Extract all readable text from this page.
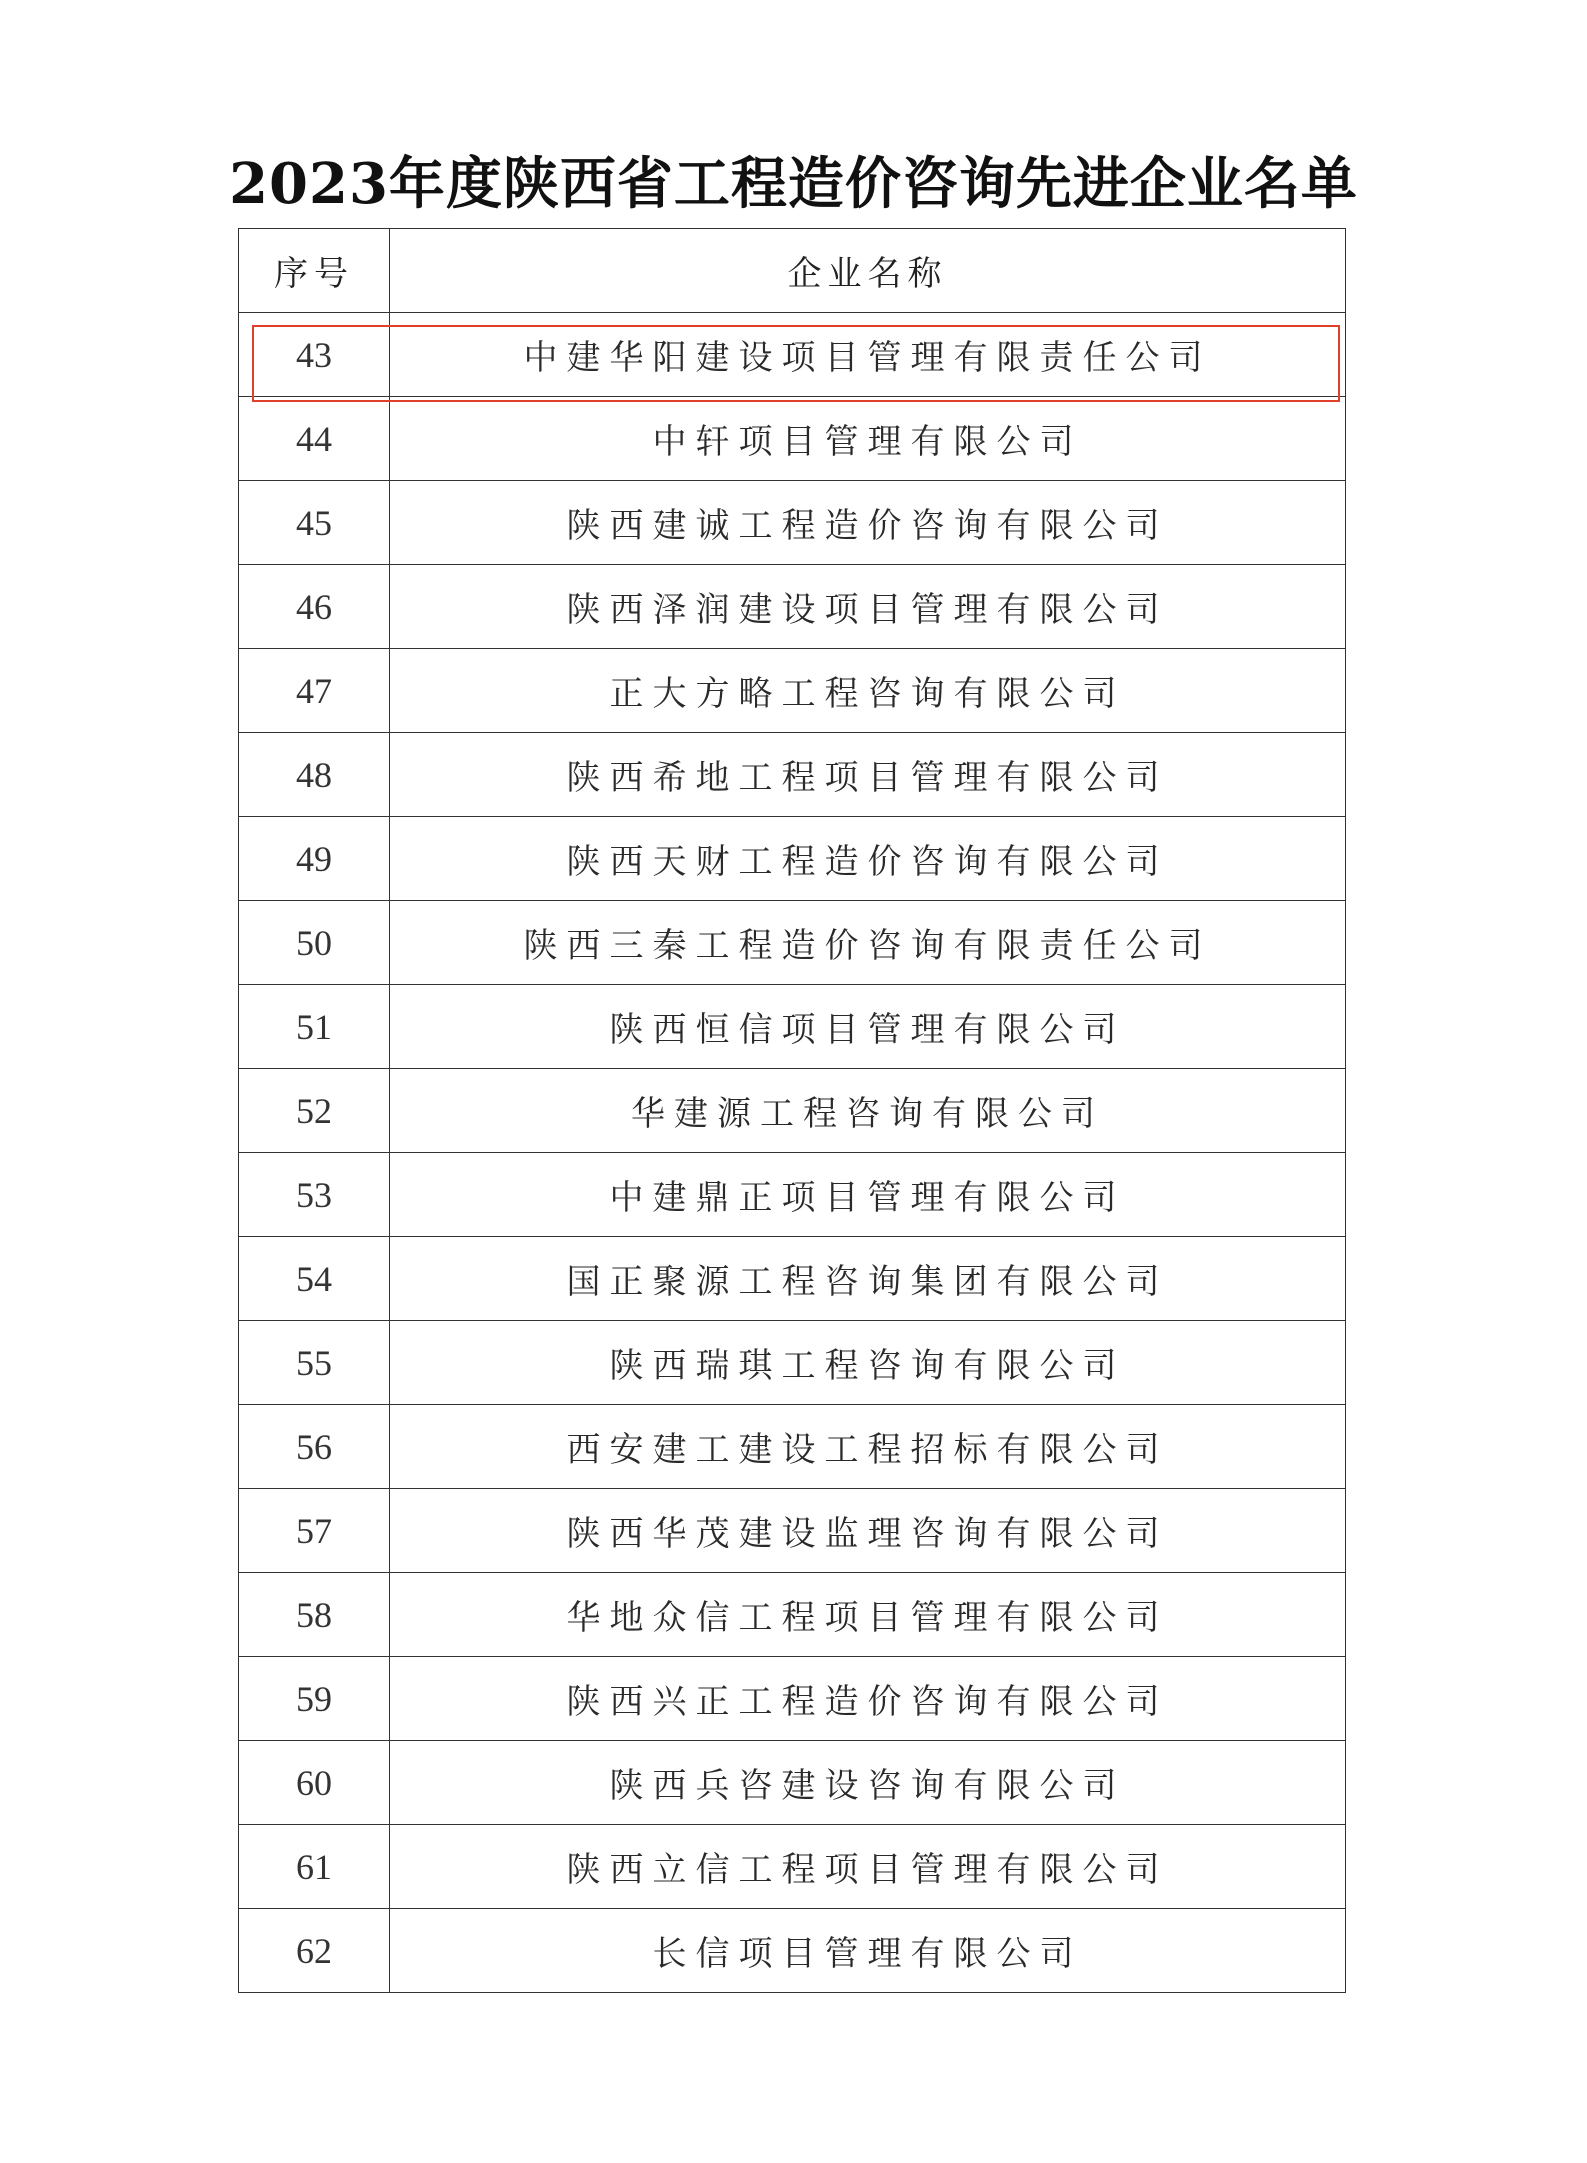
2023年度陕西省工程造价咨询先进企业名单
序号	企业名称
43	中建华阳建设项目管理有限责任公司
44	中轩项目管理有限公司
45	陕西建诚工程造价咨询有限公司
46	陕西泽润建设项目管理有限公司
47	正大方略工程咨询有限公司
48	陕西希地工程项目管理有限公司
49	陕西天财工程造价咨询有限公司
50	陕西三秦工程造价咨询有限责任公司
51	陕西恒信项目管理有限公司
52	华建源工程咨询有限公司
53	中建鼎正项目管理有限公司
54	国正聚源工程咨询集团有限公司
55	陕西瑞琪工程咨询有限公司
56	西安建工建设工程招标有限公司
57	陕西华茂建设监理咨询有限公司
58	华地众信工程项目管理有限公司
59	陕西兴正工程造价咨询有限公司
60	陕西兵咨建设咨询有限公司
61	陕西立信工程项目管理有限公司
62	长信项目管理有限公司
